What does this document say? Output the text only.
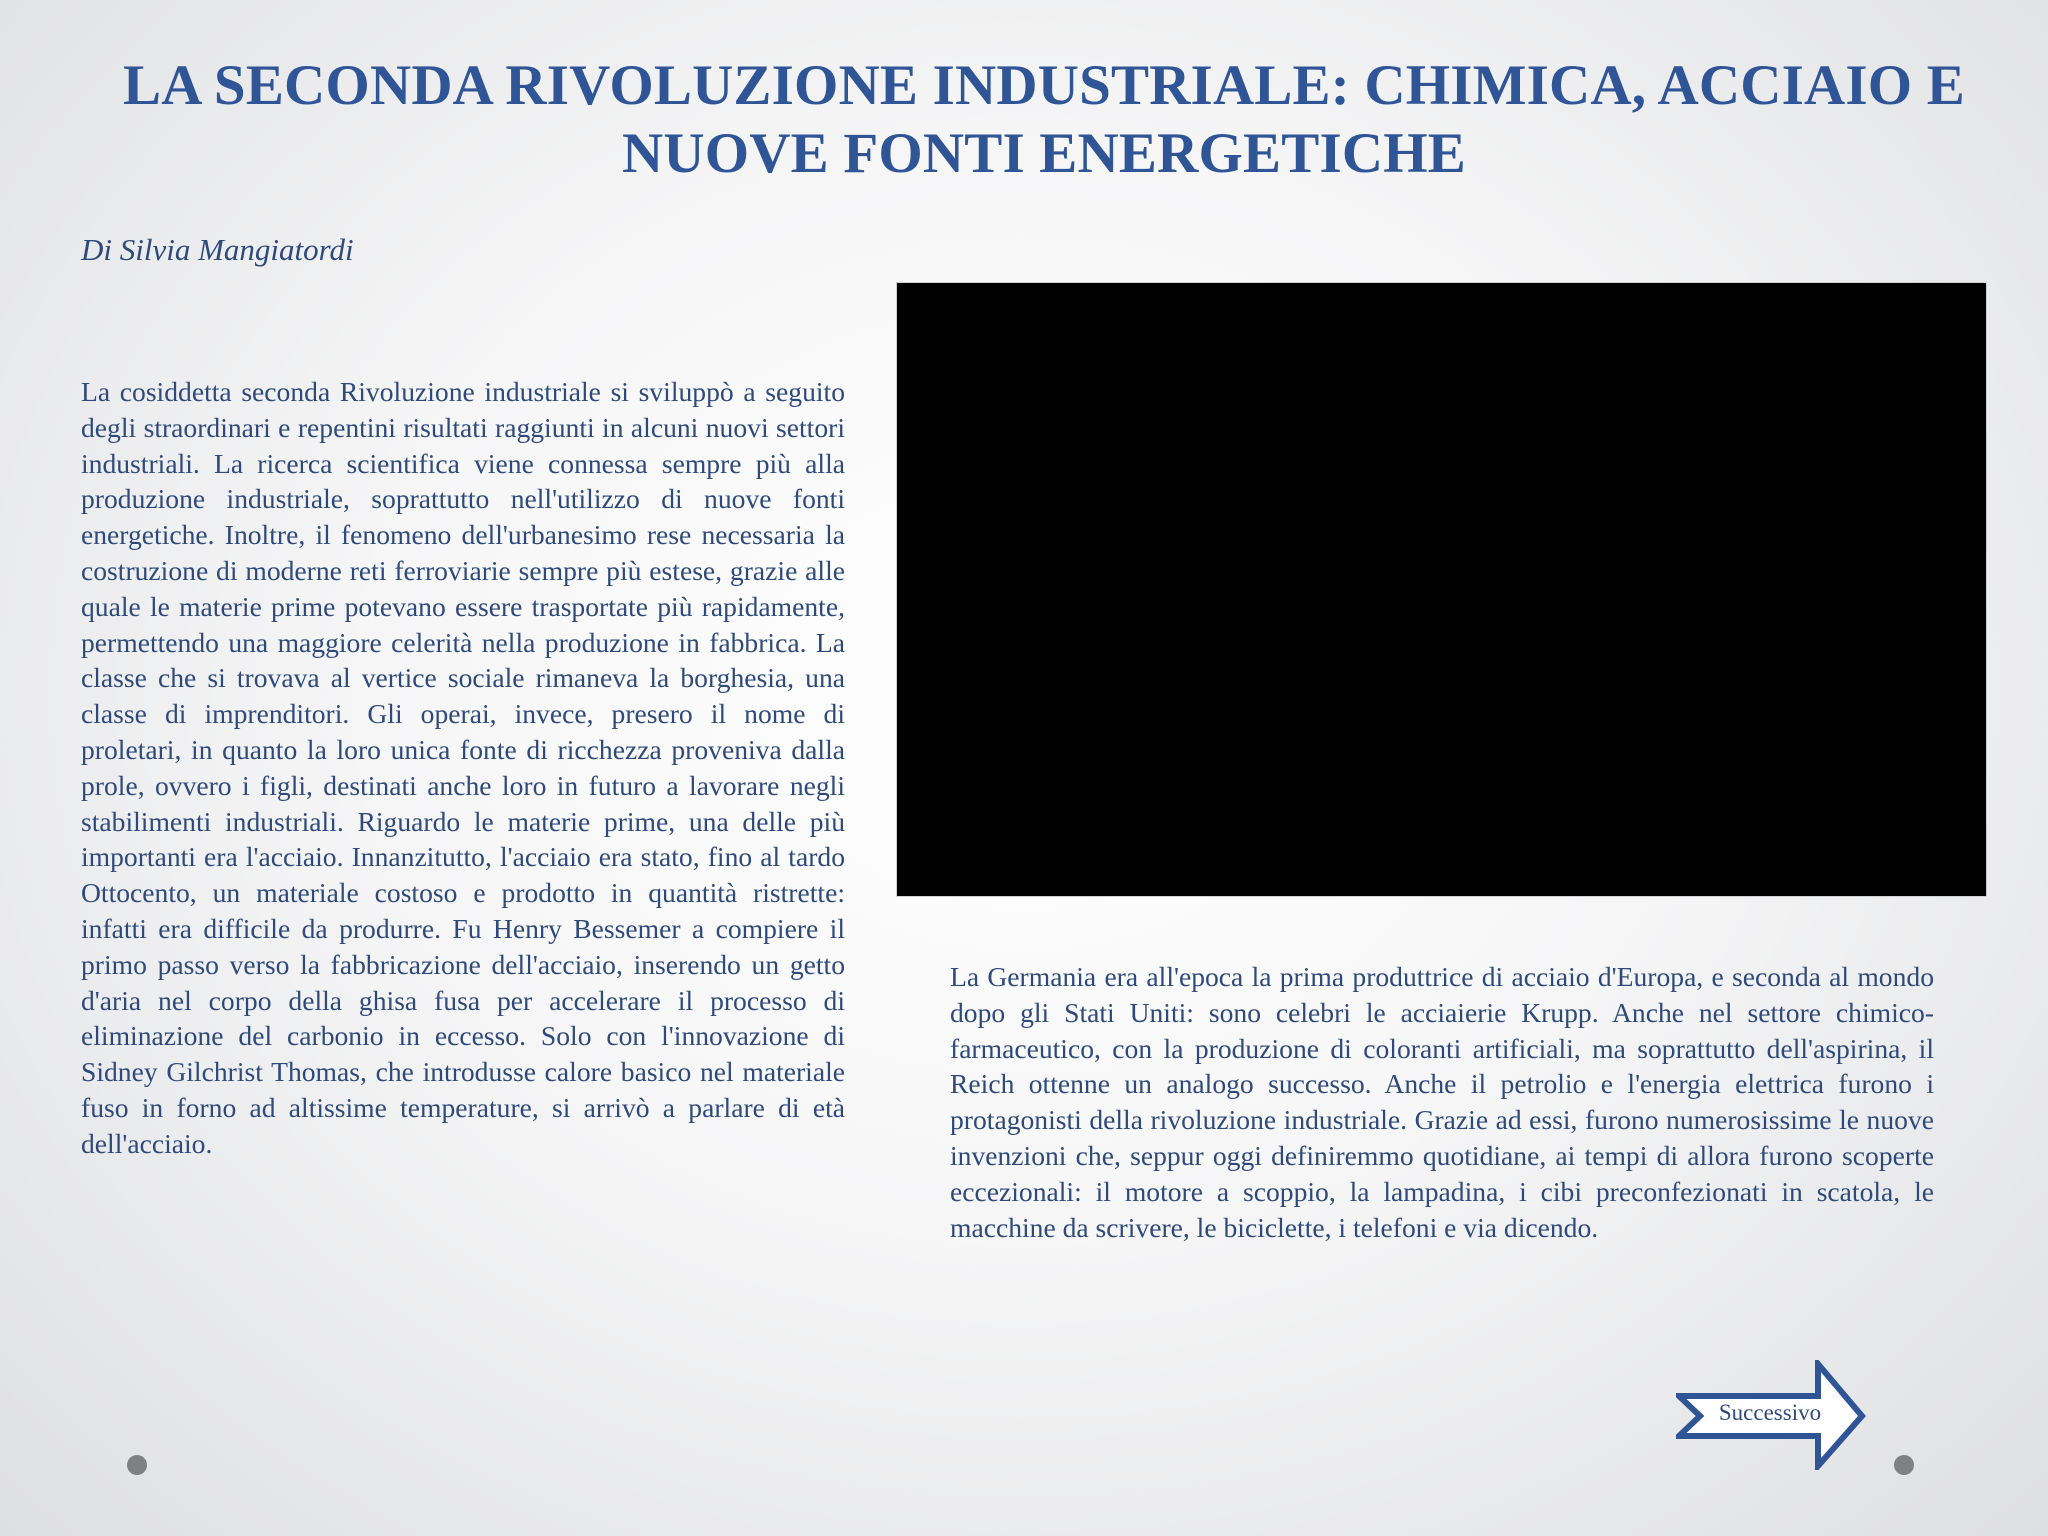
LA SECONDA RIVOLUZIONE INDUSTRIALE: CHIMICA, ACCIAIO E NUOVE FONTI ENERGETICHE

Di Silvia Mangiatordi

La cosiddetta seconda Rivoluzione industriale si sviluppò a seguito degli straordinari e repentini risultati raggiunti in alcuni nuovi settori industriali. La ricerca scientifica viene connessa sempre più alla produzione industriale, soprattutto nell'utilizzo di nuove fonti energetiche. Inoltre, il fenomeno dell'urbanesimo rese necessaria la costruzione di moderne reti ferroviarie sempre più estese, grazie alle quale le materie prime potevano essere trasportate più rapidamente, permettendo una maggiore celerità nella produzione in fabbrica. La classe che si trovava al vertice sociale rimaneva la borghesia, una classe di imprenditori. Gli operai, invece, presero il nome di proletari, in quanto la loro unica fonte di ricchezza proveniva dalla prole, ovvero i figli, destinati anche loro in futuro a lavorare negli stabilimenti industriali. Riguardo le materie prime, una delle più importanti era l'acciaio. Innanzitutto, l'acciaio era stato, fino al tardo Ottocento, un materiale costoso e prodotto in quantità ristrette: infatti era difficile da produrre. Fu Henry Bessemer a compiere il primo passo verso la fabbricazione dell'acciaio, inserendo un getto d'aria nel corpo della ghisa fusa per accelerare il processo di eliminazione del carbonio in eccesso. Solo con l'innovazione di Sidney Gilchrist Thomas, che introdusse calore basico nel materiale fuso in forno ad altissime temperature, si arrivò a parlare di età dell'acciaio.

La Germania era all'epoca la prima produttrice di acciaio d'Europa, e seconda al mondo dopo gli Stati Uniti: sono celebri le acciaierie Krupp. Anche nel settore chimico-farmaceutico, con la produzione di coloranti artificiali, ma soprattutto dell'aspirina, il Reich ottenne un analogo successo. Anche il petrolio e l'energia elettrica furono i protagonisti della rivoluzione industriale. Grazie ad essi, furono numerosissime le nuove invenzioni che, seppur oggi definiremmo quotidiane, ai tempi di allora furono scoperte eccezionali: il motore a scoppio, la lampadina, i cibi preconfezionati in scatola, le macchine da scrivere, le biciclette, i telefoni e via dicendo.

Successivo
